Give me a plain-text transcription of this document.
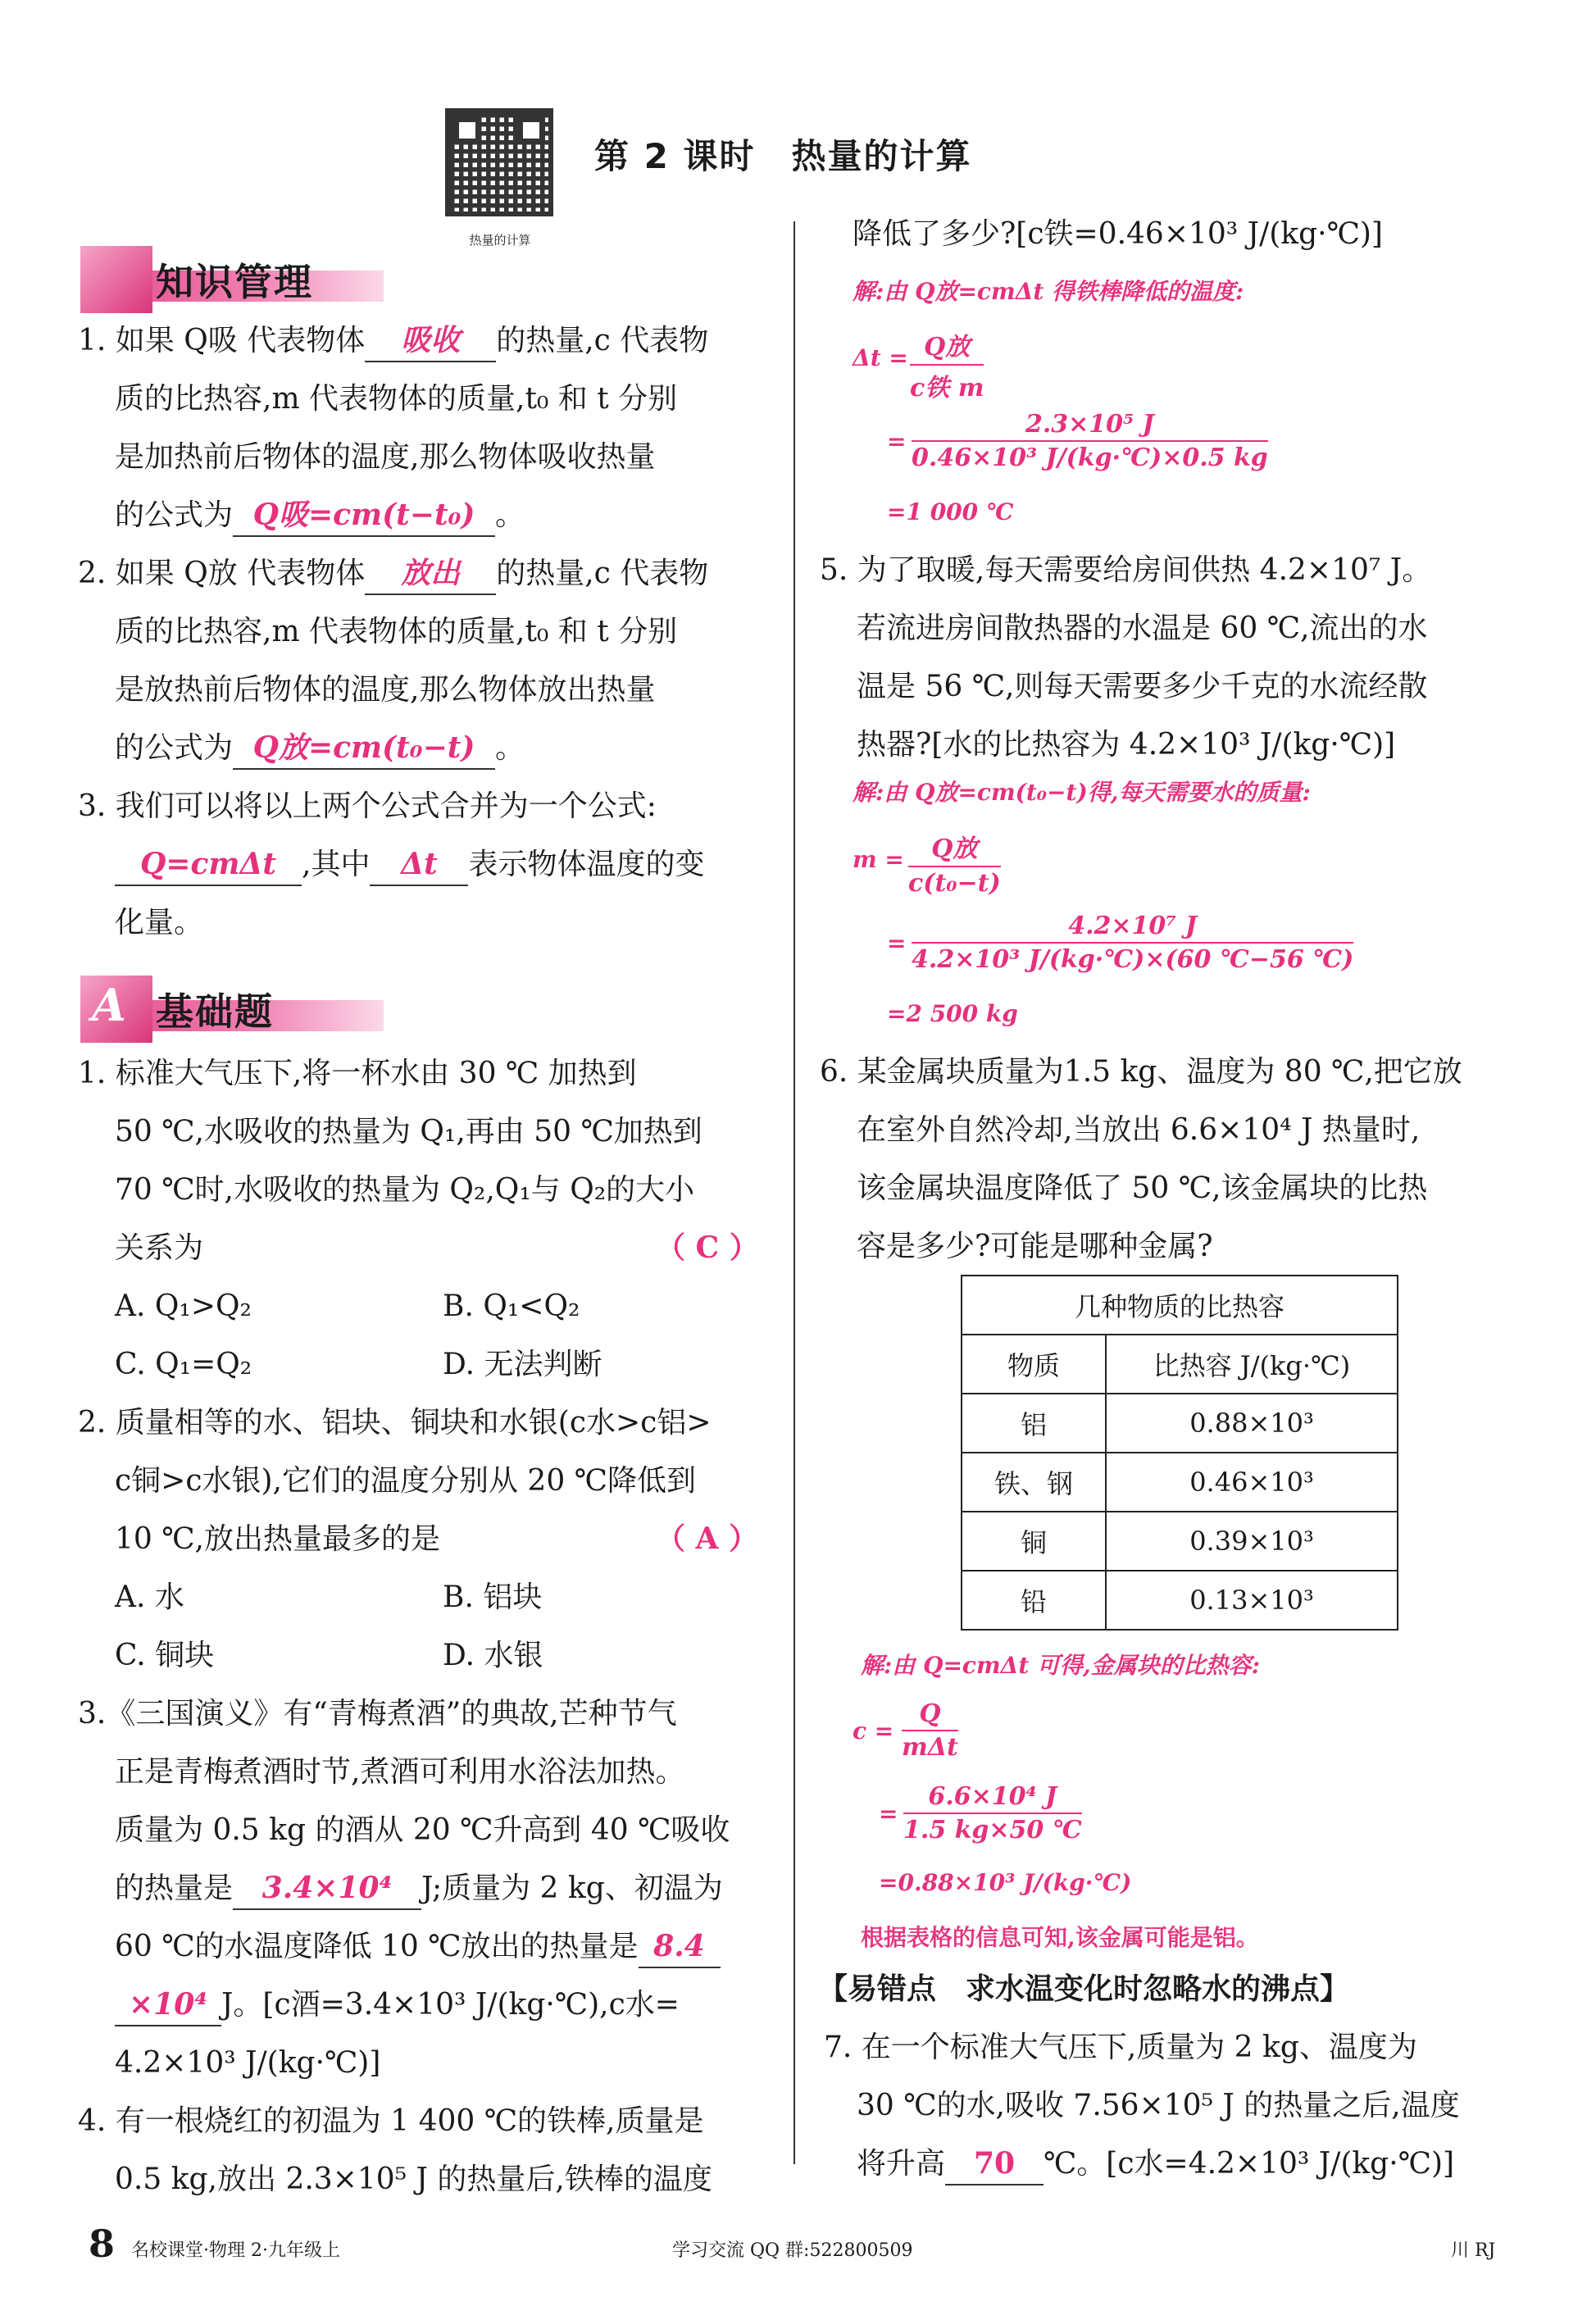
热量的计算
第 2 课时　热量的计算
知识管理
1. 如果 Q吸 代表物体 吸收 的热量,c 代表物
质的比热容,m 代表物体的质量,t₀ 和 t 分别
是加热前后物体的温度,那么物体吸收热量
的公式为 Q吸=cm(t−t₀) 。
2. 如果 Q放 代表物体 放出 的热量,c 代表物
质的比热容,m 代表物体的质量,t₀ 和 t 分别
是放热前后物体的温度,那么物体放出热量
的公式为 Q放=cm(t₀−t) 。
3. 我们可以将以上两个公式合并为一个公式:
Q=cmΔt ,其中 Δt 表示物体温度的变
化量。
A 基础题
1. 标准大气压下,将一杯水由 30 ℃ 加热到
50 ℃,水吸收的热量为 Q₁,再由 50 ℃加热到
70 ℃时,水吸收的热量为 Q₂,Q₁与 Q₂的大小
关系为	（ C ）
A. Q₁>Q₂	B. Q₁<Q₂
C. Q₁=Q₂	D. 无法判断
2. 质量相等的水、铝块、铜块和水银(c水>c铝>
c铜>c水银),它们的温度分别从 20 ℃降低到
10 ℃,放出热量最多的是	（ A ）
A. 水	B. 铝块
C. 铜块	D. 水银
3.《三国演义》有“青梅煮酒”的典故,芒种节气
正是青梅煮酒时节,煮酒可利用水浴法加热。
质量为 0.5 kg 的酒从 20 ℃升高到 40 ℃吸收
的热量是 3.4×10⁴ J;质量为 2 kg、初温为
60 ℃的水温度降低 10 ℃放出的热量是 8.4
×10⁴ J。[c酒=3.4×10³ J/(kg·℃),c水=
4.2×10³ J/(kg·℃)]
4. 有一根烧红的初温为 1 400 ℃的铁棒,质量是
0.5 kg,放出 2.3×10⁵ J 的热量后,铁棒的温度
降低了多少?[c铁=0.46×10³ J/(kg·℃)]
解:由 Q放=cmΔt 得铁棒降低的温度:
Δt = Q放
c铁 m
= $\frac{\text{2.3×10⁵ J}}{\text{0.46×10³ J/(kg·℃)×0.5 kg}}$
=1 000 ℃
5. 为了取暖,每天需要给房间供热 4.2×10⁷ J。
若流进房间散热器的水温是 60 ℃,流出的水
温是 56 ℃,则每天需要多少千克的水流经散
热器?[水的比热容为 4.2×10³ J/(kg·℃)]
解:由 Q放=cm(t₀−t)得,每天需要水的质量:
m =	Q放
c(t₀−t)
= $\frac{\text{4.2×10⁷ J}}{\text{4.2×10³ J/(kg·℃)×(60 ℃−56 ℃)}}$
=2 500 kg
6. 某金属块质量为1.5 kg、温度为 80 ℃,把它放
在室外自然冷却,当放出 6.6×10⁴ J 热量时,
该金属块温度降低了 50 ℃,该金属块的比热
容是多少?可能是哪种金属?
几种物质的比热容	
物质	比热容 J/(kg·℃)
铝	0.88×10³
铁、钢	0.46×10³
铜	0.39×10³
铅	0.13×10³
解:由 Q=cmΔt 可得,金属块的比热容:
c =
Q
mΔt
= $\frac{\text{6.6×10⁴ J}}{1.5 kg\times 50 ℃}$
=0.88×10³ J/(kg·℃)
根据表格的信息可知,该金属可能是铝。
【易错点　求水温变化时忽略水的沸点】
7. 在一个标准大气压下,质量为 2 kg、温度为
30 ℃的水,吸收 7.56×10⁵ J 的热量之后,温度
将升高 70 ℃。[c水=4.2×10³ J/(kg·℃)]
8 名校课堂·物理 2·九年级上	学习交流 QQ 群:522800509	川 RJ
